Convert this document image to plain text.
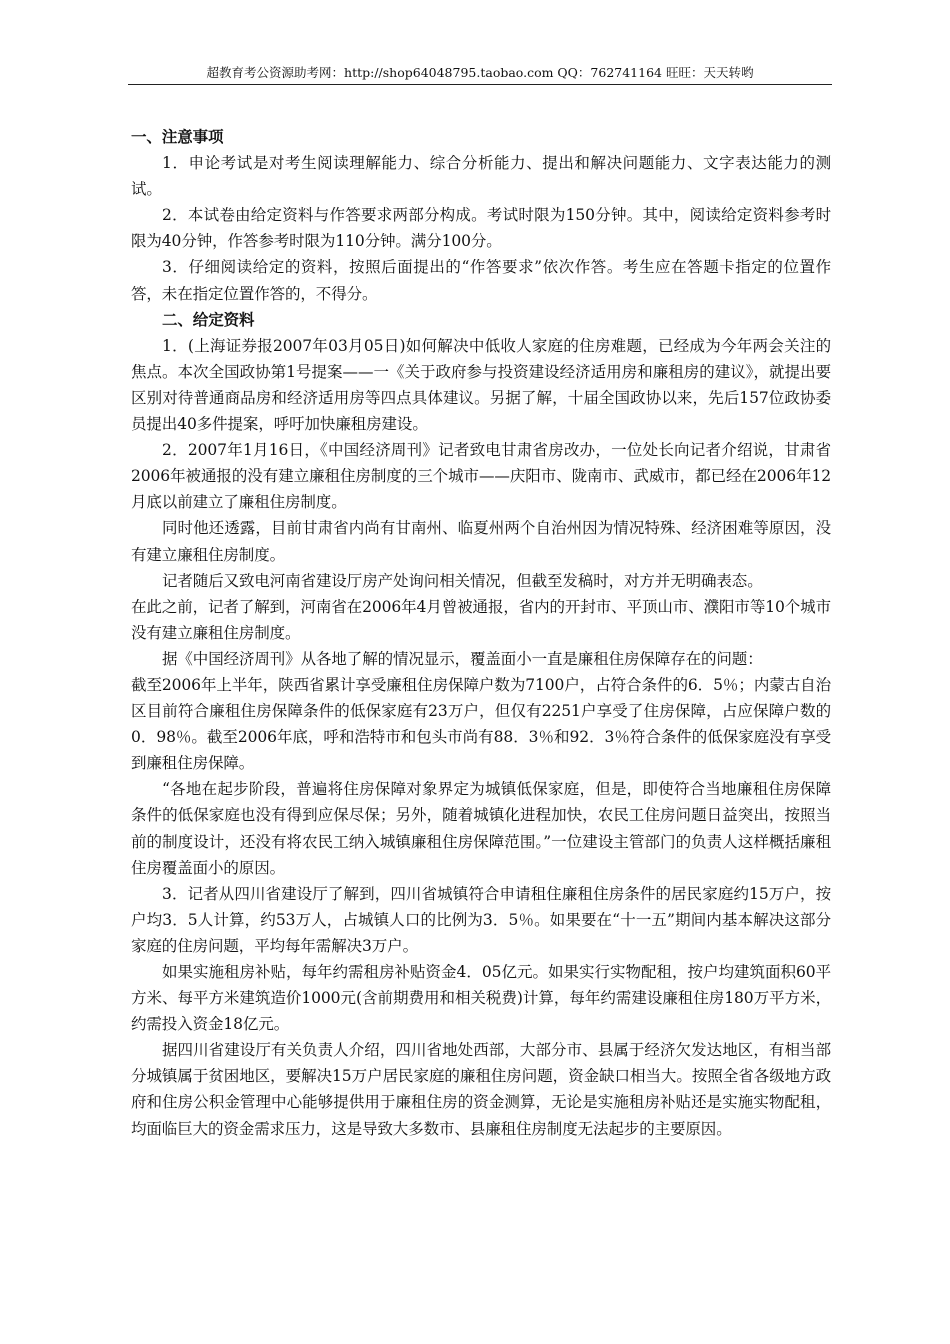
超教育考公资源助考网：http://shop64048795.taobao.com QQ：762741164 旺旺：天天转哟

一、注意事项

1．申论考试是对考生阅读理解能力、综合分析能力、提出和解决问题能力、文字表达能力的测试。

2．本试卷由给定资料与作答要求两部分构成。考试时限为150分钟。其中，阅读给定资料参考时限为40分钟，作答参考时限为110分钟。满分100分。

3．仔细阅读给定的资料，按照后面提出的“作答要求”依次作答。考生应在答题卡指定的位置作答，未在指定位置作答的，不得分。

二、给定资料

1．(上海证券报2007年03月05日)如何解决中低收人家庭的住房难题，已经成为今年两会关注的焦点。本次全国政协第1号提案——一《关于政府参与投资建设经济适用房和廉租房的建议》，就提出要区别对待普通商品房和经济适用房等四点具体建议。另据了解，十届全国政协以来，先后157位政协委员提出40多件提案，呼吁加快廉租房建设。

2．2007年1月16日，《中国经济周刊》记者致电甘肃省房改办，一位处长向记者介绍说，甘肃省2006年被通报的没有建立廉租住房制度的三个城市——庆阳市、陇南市、武威市，都已经在2006年12月底以前建立了廉租住房制度。

同时他还透露，目前甘肃省内尚有甘南州、临夏州两个自治州因为情况特殊、经济困难等原因，没有建立廉租住房制度。

记者随后又致电河南省建设厅房产处询问相关情况，但截至发稿时，对方并无明确表态。

在此之前，记者了解到，河南省在2006年4月曾被通报，省内的开封市、平顶山市、濮阳市等10个城市没有建立廉租住房制度。

据《中国经济周刊》从各地了解的情况显示，覆盖面小一直是廉租住房保障存在的问题：

截至2006年上半年，陕西省累计享受廉租住房保障户数为7100户，占符合条件的6．5％；内蒙古自治区目前符合廉租住房保障条件的低保家庭有23万户，但仅有2251户享受了住房保障，占应保障户数的0．98％。截至2006年底，呼和浩特市和包头市尚有88．3％和92．3％符合条件的低保家庭没有享受到廉租住房保障。

“各地在起步阶段，普遍将住房保障对象界定为城镇低保家庭，但是，即使符合当地廉租住房保障条件的低保家庭也没有得到应保尽保；另外，随着城镇化进程加快，农民工住房问题日益突出，按照当前的制度设计，还没有将农民工纳入城镇廉租住房保障范围。”一位建设主管部门的负责人这样概括廉租住房覆盖面小的原因。

3．记者从四川省建设厅了解到，四川省城镇符合申请租住廉租住房条件的居民家庭约15万户，按户均3．5人计算，约53万人，占城镇人口的比例为3．5％。如果要在“十一五”期间内基本解决这部分家庭的住房问题，平均每年需解决3万户。

如果实施租房补贴，每年约需租房补贴资金4．05亿元。如果实行实物配租，按户均建筑面积60平方米、每平方米建筑造价1000元(含前期费用和相关税费)计算，每年约需建设廉租住房180万平方米，约需投入资金18亿元。

据四川省建设厅有关负责人介绍，四川省地处西部，大部分市、县属于经济欠发达地区，有相当部分城镇属于贫困地区，要解决15万户居民家庭的廉租住房问题，资金缺口相当大。按照全省各级地方政府和住房公积金管理中心能够提供用于廉租住房的资金测算，无论是实施租房补贴还是实施实物配租，均面临巨大的资金需求压力，这是导致大多数市、县廉租住房制度无法起步的主要原因。
